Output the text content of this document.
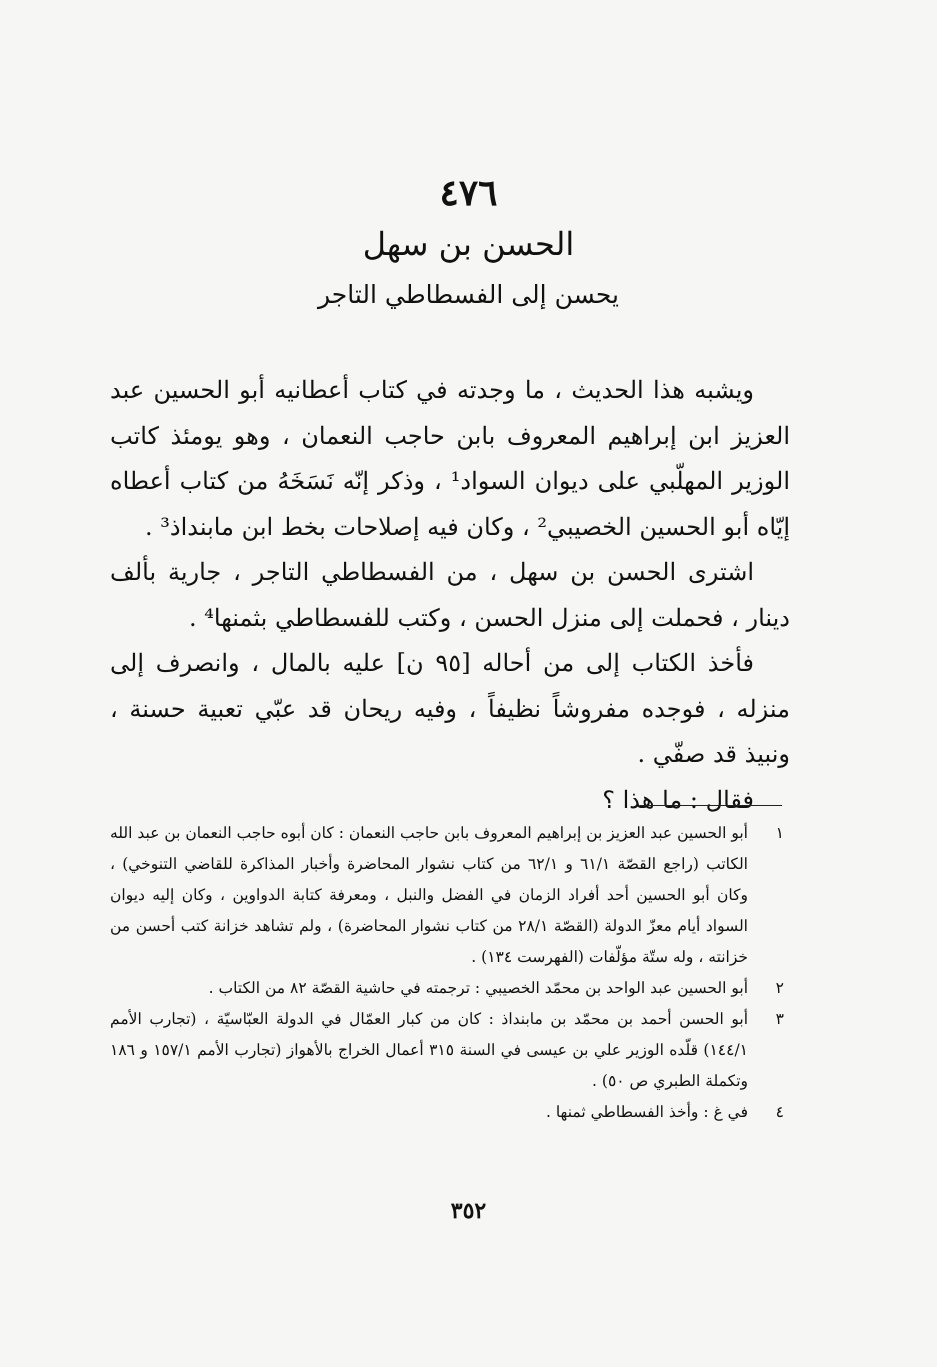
٤٧٦
الحسن بن سهل
يحسن إلى الفسطاطي التاجر

ويشبه هذا الحديث ، ما وجدته في كتاب أعطانيه أبو الحسين عبد العزيز ابن إبراهيم المعروف بابن حاجب النعمان ، وهو يومئذ كاتب الوزير المهلّبي على ديوان السواد¹ ، وذكر إنّه نَسَخَهُ من كتاب أعطاه إيّاه أبو الحسين الخصيبي² ، وكان فيه إصلاحات بخط ابن مابنداذ³ .

اشترى الحسن بن سهل ، من الفسطاطي التاجر ، جارية بألف دينار ، فحملت إلى منزل الحسن ، وكتب للفسطاطي بثمنها⁴ .

فأخذ الكتاب إلى من أحاله [٩٥ ن] عليه بالمال ، وانصرف إلى منزله ، فوجده مفروشاً نظيفاً ، وفيه ريحان قد عبّي تعبية حسنة ، ونبيذ قد صفّي .

فقال : ما هذا ؟

١
أبو الحسين عبد العزيز بن إبراهيم المعروف بابن حاجب النعمان : كان أبوه حاجب النعمان بن عبد الله الكاتب (راجع القصّة ٦١/١ و ٦٢/١ من كتاب نشوار المحاضرة وأخبار المذاكرة للقاضي التنوخي) ، وكان أبو الحسين أحد أفراد الزمان في الفضل والنبل ، ومعرفة كتابة الدواوين ، وكان إليه ديوان السواد أيام معزّ الدولة (القصّة ٢٨/١ من كتاب نشوار المحاضرة) ، ولم تشاهد خزانة كتب أحسن من خزانته ، وله ستّة مؤلّفات (الفهرست ١٣٤) .
٢
أبو الحسين عبد الواحد بن محمّد الخصيبي : ترجمته في حاشية القصّة ٨٢ من الكتاب .
٣
أبو الحسن أحمد بن محمّد بن مابنداذ : كان من كبار العمّال في الدولة العبّاسيّة ، (تجارب الأمم ١٤٤/١) قلّده الوزير علي بن عيسى في السنة ٣١٥ أعمال الخراج بالأهواز (تجارب الأمم ١٥٧/١ و ١٨٦ وتكملة الطبري ص ٥٠) .
٤
في غ : وأخذ الفسطاطي ثمنها .
٣٥٢
